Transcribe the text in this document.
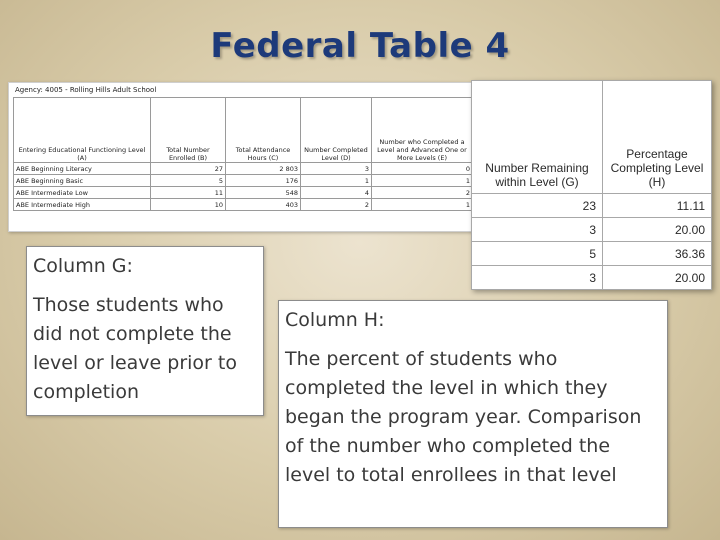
Federal Table 4
Agency: 4005 - Rolling Hills Adult School
Entering Educational Functioning Level (A)	Total Number Enrolled (B)	Total Attendance Hours (C)	Number Completed Level (D)	Number who Completed a Level and Advanced One or More Levels (E)
ABE Beginning Literacy	27	2 803	3	0
ABE Beginning Basic	5	176	1	1
ABE Intermediate Low	11	548	4	2
ABE Intermediate High	10	403	2	1
Number Remaining within Level (G)	Percentage Completing Level (H)
23	11.11
3	20.00
5	36.36
3	20.00
Column G:
Those students who did not complete the level or leave prior to completion
Column H:
The percent of students who completed the level in which they began the program year. Comparison of the number who completed the level to total enrollees in that level
